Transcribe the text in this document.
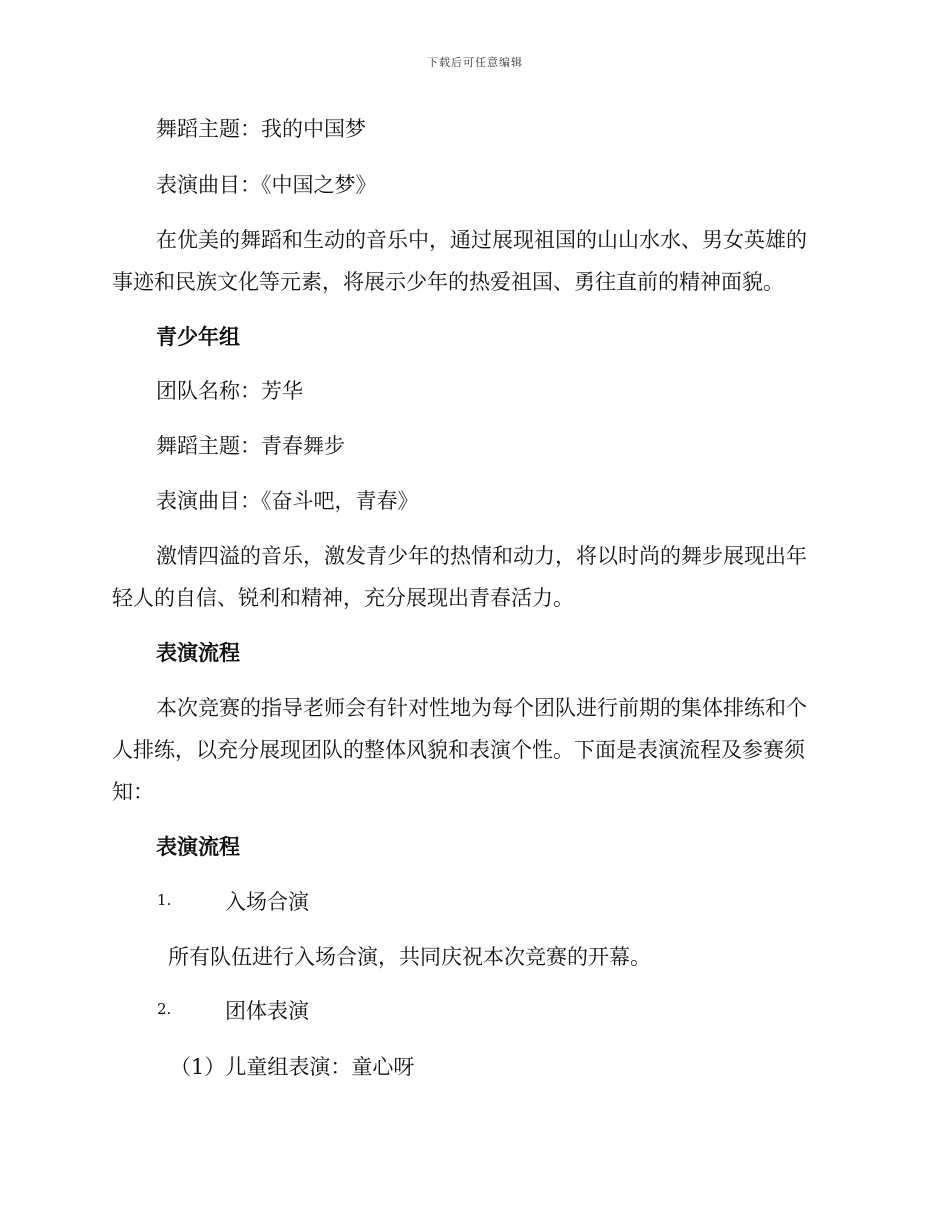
下载后可任意编辑
舞蹈主题：我的中国梦
表演曲目：《中国之梦》
在优美的舞蹈和生动的音乐中，通过展现祖国的山山水水、男女英雄的
事迹和民族文化等元素，将展示少年的热爱祖国、勇往直前的精神面貌。
青少年组
团队名称：芳华
舞蹈主题：青春舞步
表演曲目：《奋斗吧，青春》
激情四溢的音乐，激发青少年的热情和动力，将以时尚的舞步展现出年
轻人的自信、锐利和精神，充分展现出青春活力。
表演流程
本次竞赛的指导老师会有针对性地为每个团队进行前期的集体排练和个
人排练，以充分展现团队的整体风貌和表演个性。下面是表演流程及参赛须
知：
表演流程
1.	入场合演
所有队伍进行入场合演，共同庆祝本次竞赛的开幕。
2.	团体表演
（1）儿童组表演：童心呀
